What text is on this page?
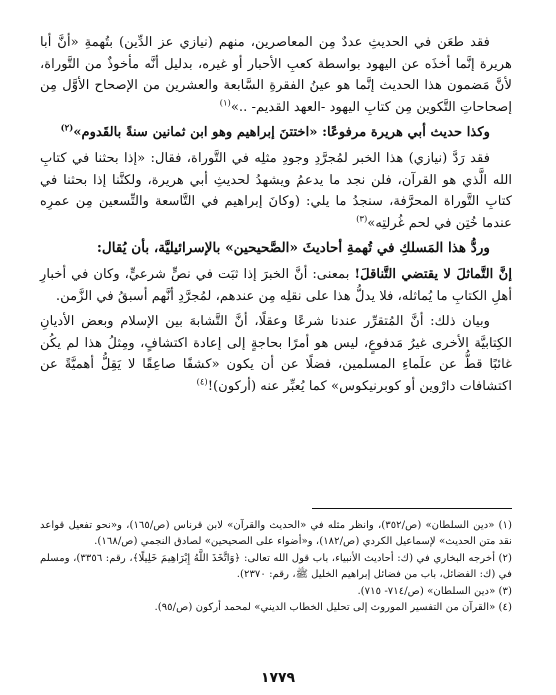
فقد طعَن في الحديثِ عددٌ مِن المعاصرين، منهم (نيازي عز الدِّين) بتُهمةِ «أنَّ أبا هريرة إنَّما أخذَه عن اليهود بواسطة كعبِ الأحبار أو غيره، بدليل أنَّه مأخوذٌ من التَّوراة، لأنَّ مَضمون هذا الحديث إنَّما هو عينُ الفقرةِ السَّابعة والعشرين من الإصحاح الأوَّل مِن إصحاحاتِ التَّكوين مِن كتابِ اليهود -العهد القديم- ..»$^{(١)}$

وكذا حديث أبي هريرة مرفوعًا: «اختتنَ إبراهيم وهو ابن ثمانين سنةً بالقَدوم»$^{(٢)}$

فقد رَدَّ (نيازي) هذا الخبر لمُجرَّدِ وجودِ مثلِه في التَّوراة، فقال: «إذا بحثنا في كتابِ الله الَّذي هو القرآن، فلن نجد ما يدعمُ ويشهدُ لحديثِ أبي هريرة، ولكنَّنا إذا بحثنا في كتابِ التَّوراة المحرَّفة، سنجدُ ما يلي: (وكانَ إبراهيم في التَّاسعة والتِّسعين مِن عمرِه عندما خُتِن في لحم غُرلتِه»$^{(٣)}$

وردُّ هذا المَسلكِ في تُهمةِ أحاديثَ «الصَّحيحين» بالإسرائيليَّة، بأن يُقال:

إنَّ التَّماثلَ لا يقتضي التَّناقلَ! بمعنى: أنَّ الخبرَ إذا ثبَت في نصٍّ شرعيٍّ، وكان في أخبارِ أهلِ الكتابِ ما يُماثله، فلا يدلُّ هذا على نقلِه مِن عندهم، لمُجرَّدِ أنَّهم أسبقُ في الزَّمن.

وبيان ذلك: أنَّ المُتقرِّر عندنا شرعًا وعقلًا، أنَّ التَّشابهَ بين الإسلام وبعض الأديانِ الكِتابيَّة الأخرى غيرُ مَدفوعٍ، ليس هو أمرًا بحاجةٍ إلى إعادة اكتشافٍ، ومِثلُ هذا لم يكُن غائبًا قطُّ عن علَماءِ المسلمين، فضلًا عن أن يكون «كشفًا صاعِقًا لا يَقِلُّ أهميَّةً عن اكتشافات دارْوين أو كوبرنيكوس» كما يُعبِّر عنه (أركون)!$^{(٤)}$

(١) «دين السلطان» (ص/٣٥٢)، وانظر مثله في «الحديث والقرآن» لابن قرناس (ص/١٦٥)، و«نحو تفعيل قواعد نقد متن الحديث» لإسماعيل الكردي (ص/١٨٢)، و«أضواء على الصحيحين» لصادق النجمي (ص/١٦٨).

(٢) أخرجه البخاري في (ك: أحاديث الأنبياء، باب قول الله تعالى: ﴿وَاتَّخَذَ اللَّهُ إِبْرَاهِيمَ خَلِيلًا﴾، رقم: ٣٣٥٦)، ومسلم في (ك: الفضائل، باب من فضائل إبراهيم الخليل ﷺ، رقم: ٢٣٧٠).

(٣) «دين السلطان» (ص/٧١٤- ٧١٥).

(٤) «القرآن من التفسير الموروث إلى تحليل الخطاب الديني» لمحمد أركون (ص/٩٥).

١٧٧٩
